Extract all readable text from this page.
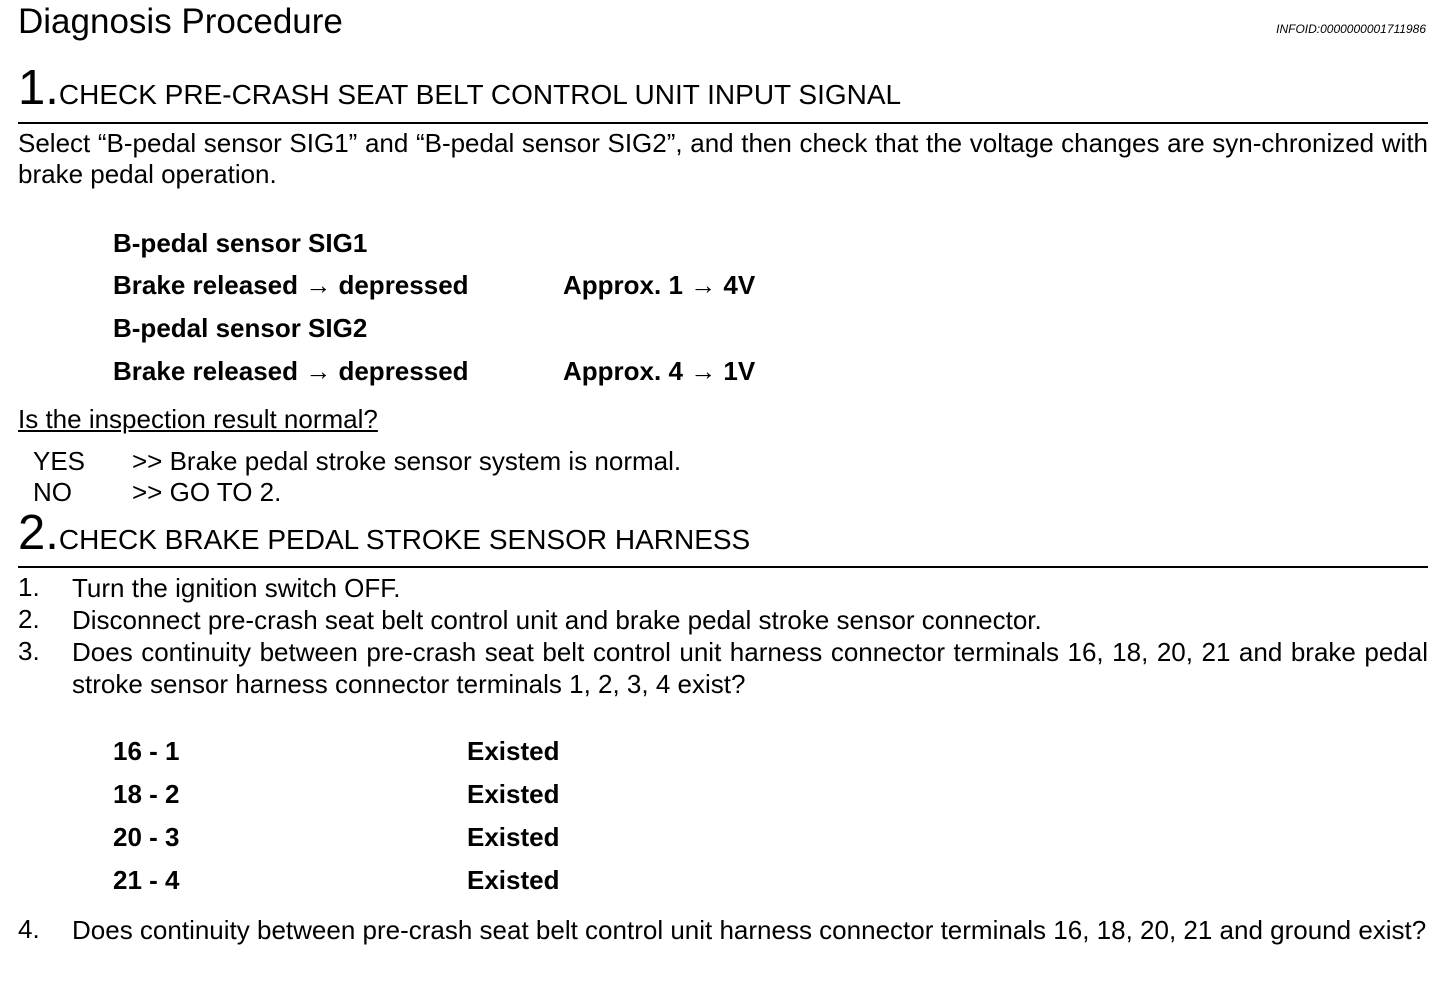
Diagnosis Procedure	INFOID:0000000001711986
1.CHECK PRE-CRASH SEAT BELT CONTROL UNIT INPUT SIGNAL
Select “B-pedal sensor SIG1” and “B-pedal sensor SIG2”, and then check that the voltage changes are syn-chronized with brake pedal operation.
B-pedal sensor SIG1
Brake released → depressed	Approx. 1 → 4V
B-pedal sensor SIG2
Brake released → depressed	Approx. 4 → 1V
Is the inspection result normal?
YES >> Brake pedal stroke sensor system is normal.
NO >> GO TO 2.
2.CHECK BRAKE PEDAL STROKE SENSOR HARNESS
1. Turn the ignition switch OFF.
2. Disconnect pre-crash seat belt control unit and brake pedal stroke sensor connector.
3. Does continuity between pre-crash seat belt control unit harness connector terminals 16, 18, 20, 21 and brake pedal stroke sensor harness connector terminals 1, 2, 3, 4 exist?
16 - 1	Existed
18 - 2	Existed
20 - 3	Existed
21 - 4	Existed
4. Does continuity between pre-crash seat belt control unit harness connector terminals 16, 18, 20, 21 and ground exist?
